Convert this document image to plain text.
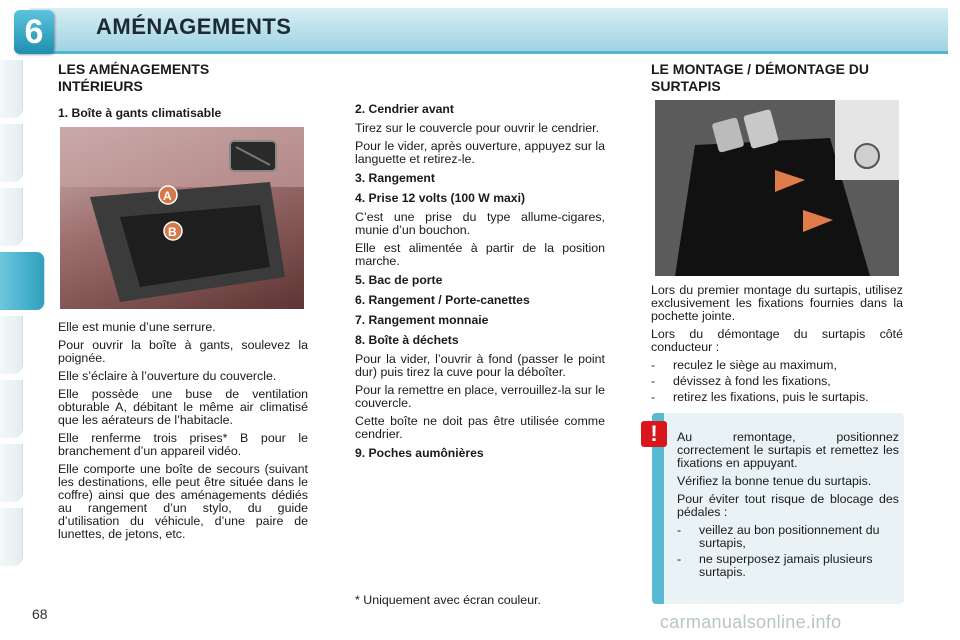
6	AMÉNAGEMENTS
LES AMÉNAGEMENTS INTÉRIEURS
1. Boîte à gants climatisable
A
B

Elle est munie d’une serrure.

Pour ouvrir la boîte à gants, soulevez la poignée.

Elle s’éclaire à l’ouverture du couvercle.

Elle possède une buse de ventilation obturable A, débitant le même air climatisé que les aérateurs de l’habitacle.

Elle renferme trois prises* B pour le branchement d’un appareil vidéo.

Elle comporte une boîte de secours (suivant les destinations, elle peut être située dans le coffre) ainsi que des aménagements dédiés au rangement d’un stylo, du guide d’utilisation du véhicule, d’une paire de lunettes, de jetons, etc.

2. Cendrier avant

Tirez sur le couvercle pour ouvrir le cendrier.

Pour le vider, après ouverture, appuyez sur la languette et retirez-le.

3. Rangement
4. Prise 12 volts (100 W maxi)

C’est une prise du type allume-cigares, munie d’un bouchon.

Elle est alimentée à partir de la position marche.

5. Bac de porte
6. Rangement / Porte-canettes
7. Rangement monnaie
8. Boîte à déchets

Pour la vider, l’ouvrir à fond (passer le point dur) puis tirez la cuve pour la déboîter.

Pour la remettre en place, verrouillez-la sur le couvercle.

Cette boîte ne doit pas être utilisée comme cendrier.

9. Poches aumônières
LE MONTAGE / DÉMONTAGE DU SURTAPIS

Lors du premier montage du surtapis, utilisez exclusivement les fixations fournies dans la pochette jointe.

Lors du démontage du surtapis côté conducteur :

-	reculez le siège au maximum,
-	dévissez à fond les fixations,
-	retirez les fixations, puis le surtapis.
!	Au remontage, positionnez correctement le surtapis et remettez les fixations en appuyant.

Vérifiez la bonne tenue du surtapis.

Pour éviter tout risque de blocage des pédales :

-	veillez au bon positionnement du surtapis,
-	ne superposez jamais plusieurs surtapis.
* Uniquement avec écran couleur.
68	carmanualsonline.info
